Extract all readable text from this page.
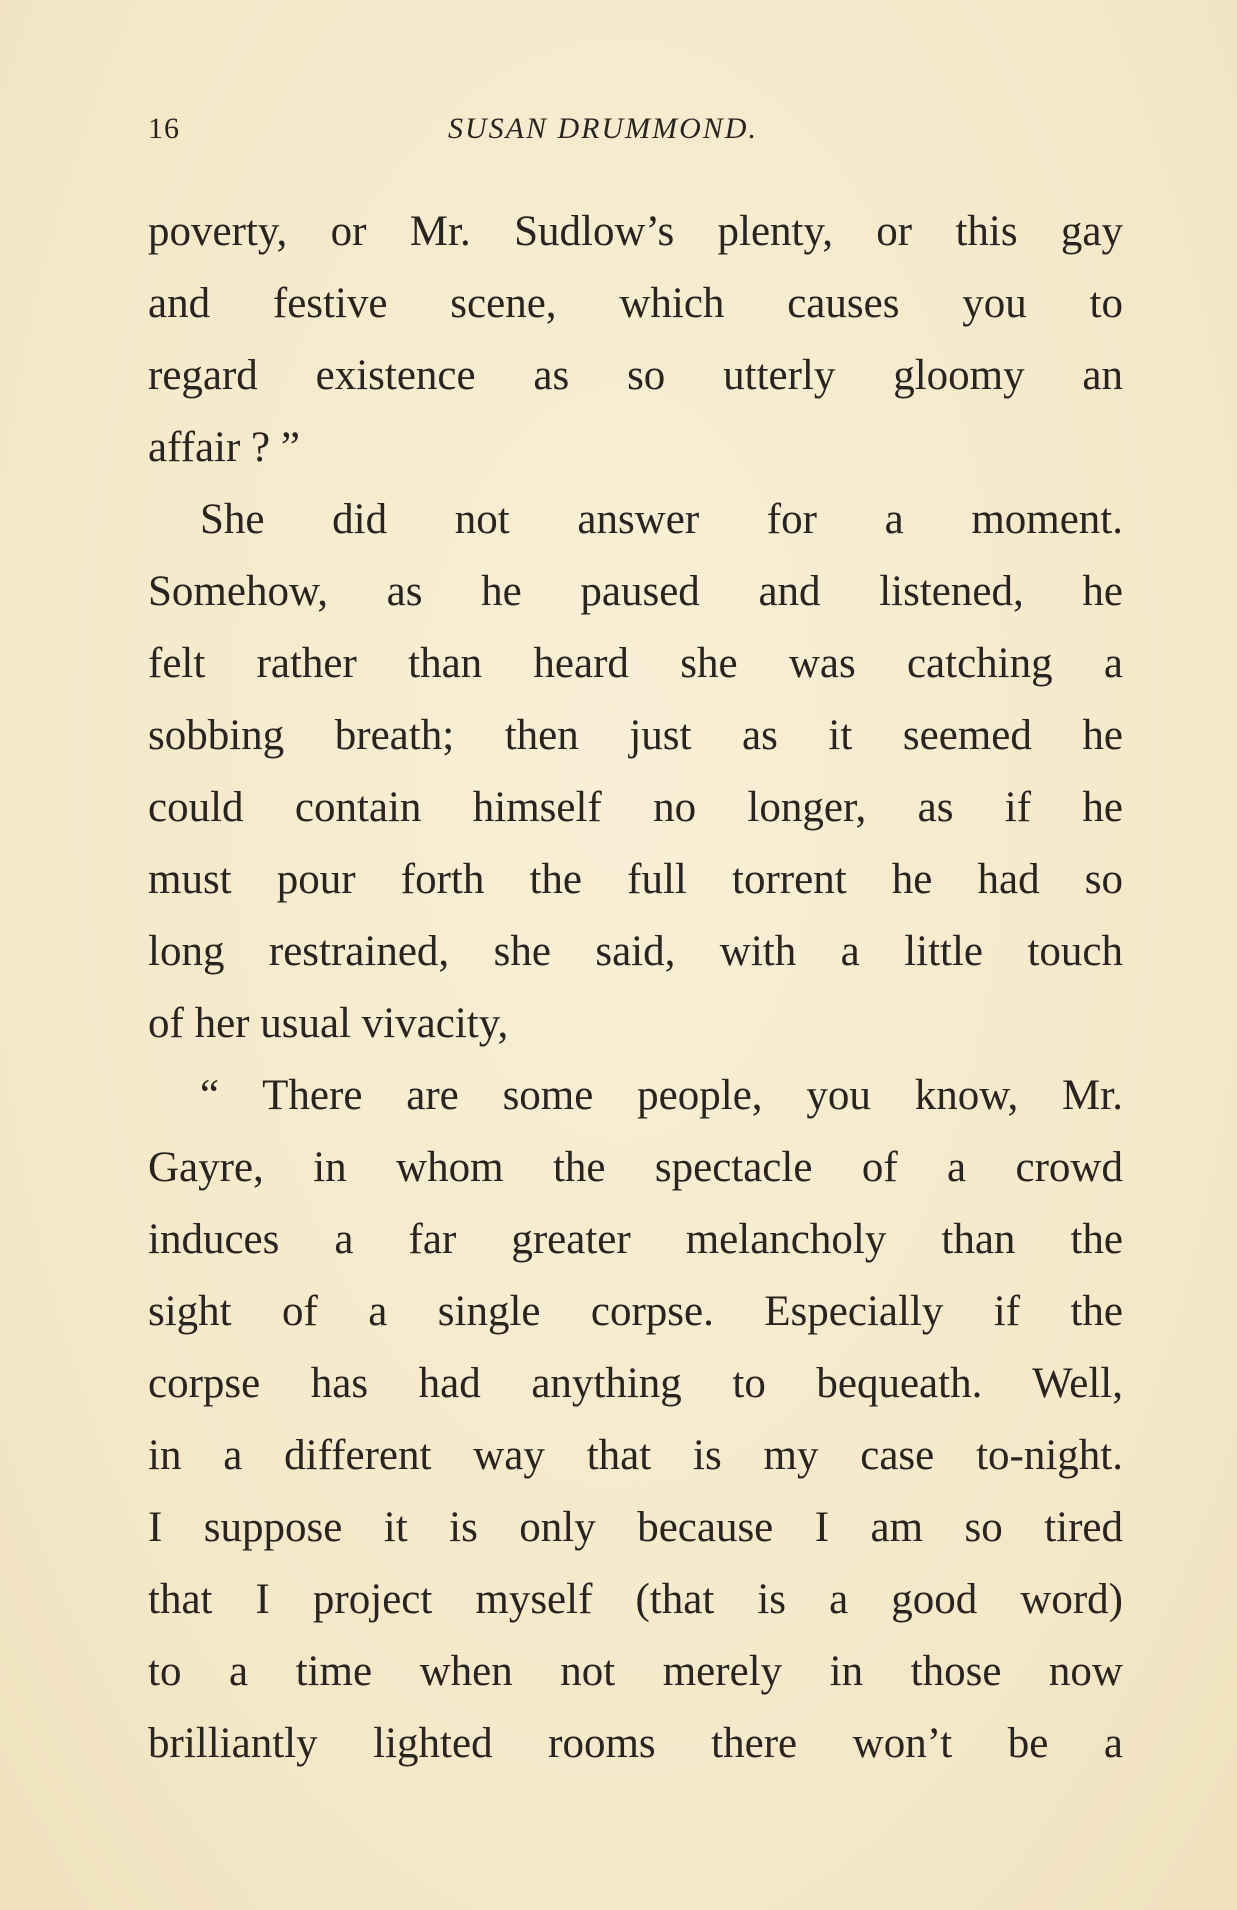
16	SUSAN DRUMMOND.
poverty, or Mr. Sudlow’s plenty, or this gay
and festive scene, which causes you to
regard existence as so utterly gloomy an
affair ? ”
She did not answer for a moment.
Somehow, as he paused and listened, he
felt rather than heard she was catching a
sobbing breath; then just as it seemed he
could contain himself no longer, as if he
must pour forth the full torrent he had so
long restrained, she said, with a little touch
of her usual vivacity,
“ There are some people, you know, Mr.
Gayre, in whom the spectacle of a crowd
induces a far greater melancholy than the
sight of a single corpse. Especially if the
corpse has had anything to bequeath. Well,
in a different way that is my case to-night.
I suppose it is only because I am so tired
that I project myself (that is a good word)
to a time when not merely in those now
brilliantly lighted rooms there won’t be a
